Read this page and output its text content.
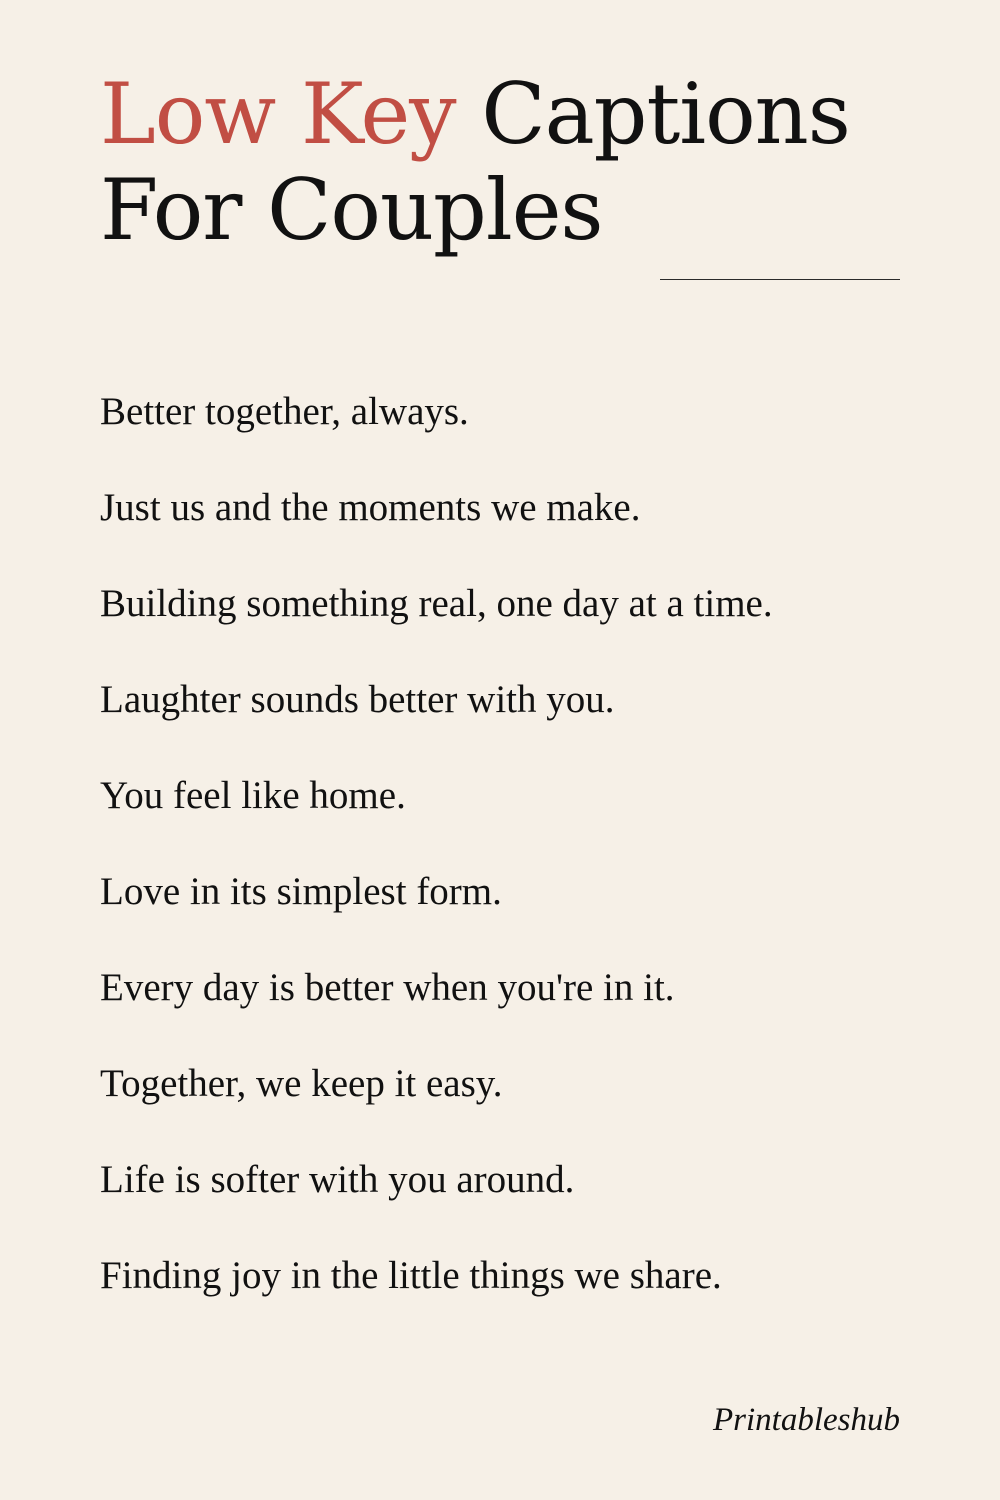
Low Key Captions
For Couples
Better together, always.
Just us and the moments we make.
Building something real, one day at a time.
Laughter sounds better with you.
You feel like home.
Love in its simplest form.
Every day is better when you're in it.
Together, we keep it easy.
Life is softer with you around.
Finding joy in the little things we share.
Printableshub
